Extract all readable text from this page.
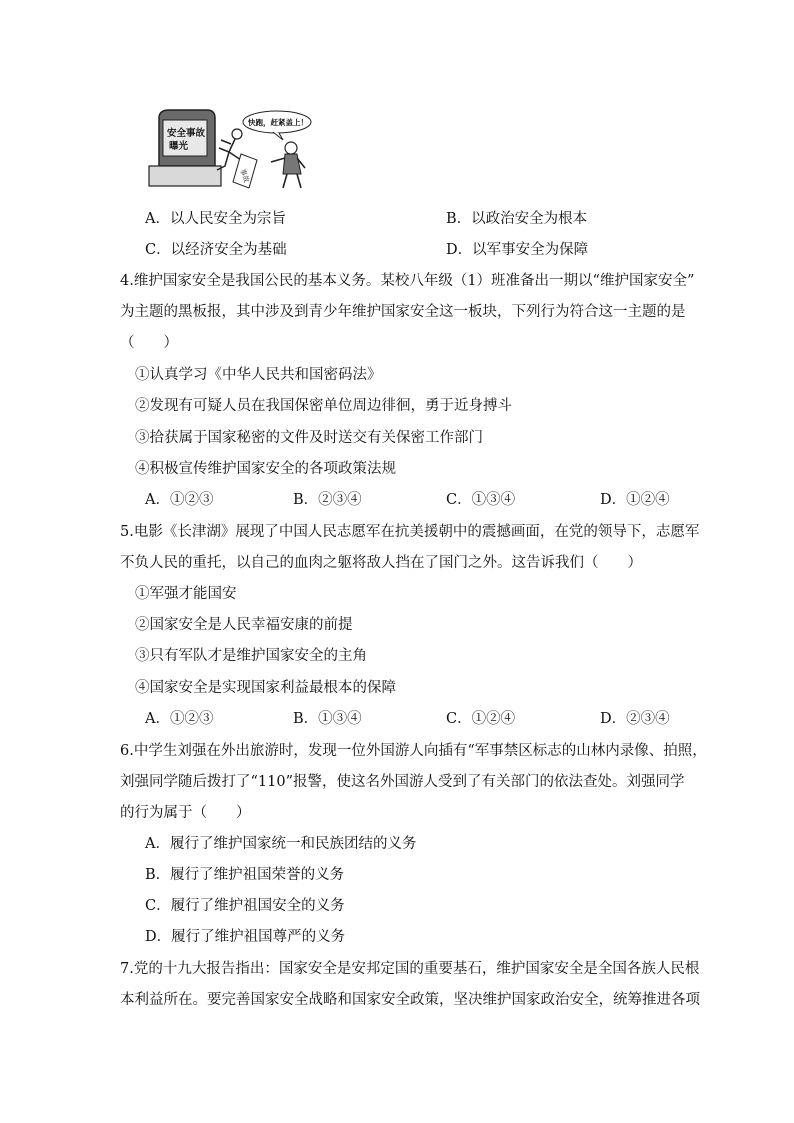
安全事故
曝光
事故
快跑，赶紧盖上！
A．以人民安全为宗旨	B．以政治安全为根本
C．以经济安全为基础	D．以军事安全为保障
4.维护国家安全是我国公民的基本义务。某校八年级（1）班准备出一期以“维护国家安全”
为主题的黑板报，其中涉及到青少年维护国家安全这一板块，下列行为符合这一主题的是
（　　）
①认真学习《中华人民共和国密码法》
②发现有可疑人员在我国保密单位周边徘徊，勇于近身搏斗
③拾获属于国家秘密的文件及时送交有关保密工作部门
④积极宣传维护国家安全的各项政策法规
A．①②③	B．②③④	C．①③④	D．①②④
5.电影《长津湖》展现了中国人民志愿军在抗美援朝中的震撼画面，在党的领导下，志愿军
不负人民的重托，以自己的血肉之躯将敌人挡在了国门之外。这告诉我们（　　）
①军强才能国安
②国家安全是人民幸福安康的前提
③只有军队才是维护国家安全的主角
④国家安全是实现国家利益最根本的保障
A．①②③	B．①③④	C．①②④	D．②③④
6.中学生刘强在外出旅游时，发现一位外国游人向插有“军事禁区标志的山林内录像、拍照，
刘强同学随后拨打了“110”报警，使这名外国游人受到了有关部门的依法查处。刘强同学
的行为属于（　　）
A．履行了维护国家统一和民族团结的义务
B．履行了维护祖国荣誉的义务
C．履行了维护祖国安全的义务
D．履行了维护祖国尊严的义务
7.党的十九大报告指出：国家安全是安邦定国的重要基石，维护国家安全是全国各族人民根
本利益所在。要完善国家安全战略和国家安全政策，坚决维护国家政治安全，统筹推进各项
